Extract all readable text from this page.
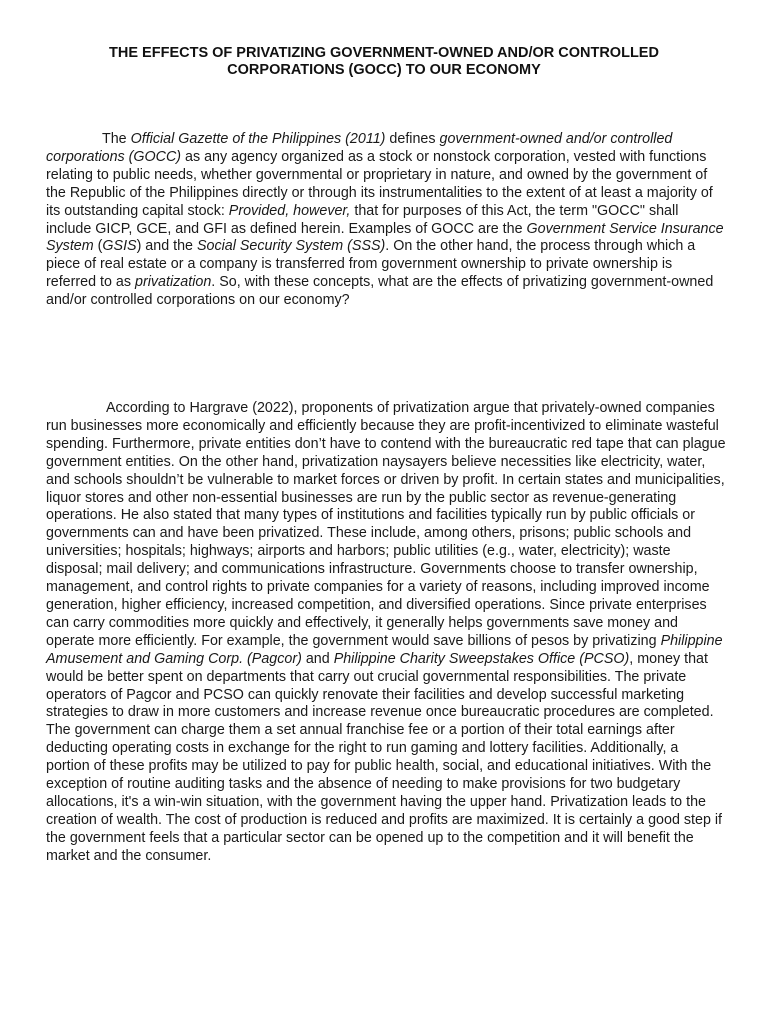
THE EFFECTS OF PRIVATIZING GOVERNMENT-OWNED AND/OR CONTROLLED
CORPORATIONS (GOCC) TO OUR ECONOMY

The Official Gazette of the Philippines (2011) defines government-owned and/or controlled corporations (GOCC) as any agency organized as a stock or nonstock corporation, vested with functions relating to public needs, whether governmental or proprietary in nature, and owned by the government of the Republic of the Philippines directly or through its instrumentalities to the extent of at least a majority of its outstanding capital stock: Provided, however, that for purposes of this Act, the term "GOCC" shall include GICP, GCE, and GFI as defined herein. Examples of GOCC are the Government Service Insurance System (GSIS) and the Social Security System (SSS). On the other hand, the process through which a piece of real estate or a company is transferred from government ownership to private ownership is referred to as privatization. So, with these concepts, what are the effects of privatizing government-owned and/or controlled corporations on our economy?

According to Hargrave (2022), proponents of privatization argue that privately-owned companies run businesses more economically and efficiently because they are profit-incentivized to eliminate wasteful spending. Furthermore, private entities don’t have to contend with the bureaucratic red tape that can plague government entities. On the other hand, privatization naysayers believe necessities like electricity, water, and schools shouldn’t be vulnerable to market forces or driven by profit. In certain states and municipalities, liquor stores and other non-essential businesses are run by the public sector as revenue-generating operations. He also stated that many types of institutions and facilities typically run by public officials or governments can and have been privatized. These include, among others, prisons; public schools and universities; hospitals; highways; airports and harbors; public utilities (e.g., water, electricity); waste disposal; mail delivery; and communications infrastructure. Governments choose to transfer ownership, management, and control rights to private companies for a variety of reasons, including improved income generation, higher efficiency, increased competition, and diversified operations. Since private enterprises can carry commodities more quickly and effectively, it generally helps governments save money and operate more efficiently. For example, the government would save billions of pesos by privatizing Philippine Amusement and Gaming Corp. (Pagcor) and Philippine Charity Sweepstakes Office (PCSO), money that would be better spent on departments that carry out crucial governmental responsibilities. The private operators of Pagcor and PCSO can quickly renovate their facilities and develop successful marketing strategies to draw in more customers and increase revenue once bureaucratic procedures are completed. The government can charge them a set annual franchise fee or a portion of their total earnings after deducting operating costs in exchange for the right to run gaming and lottery facilities. Additionally, a portion of these profits may be utilized to pay for public health, social, and educational initiatives. With the exception of routine auditing tasks and the absence of needing to make provisions for two budgetary allocations, it's a win-win situation, with the government having the upper hand. Privatization leads to the creation of wealth. The cost of production is reduced and profits are maximized. It is certainly a good step if the government feels that a particular sector can be opened up to the competition and it will benefit the market and the consumer.
